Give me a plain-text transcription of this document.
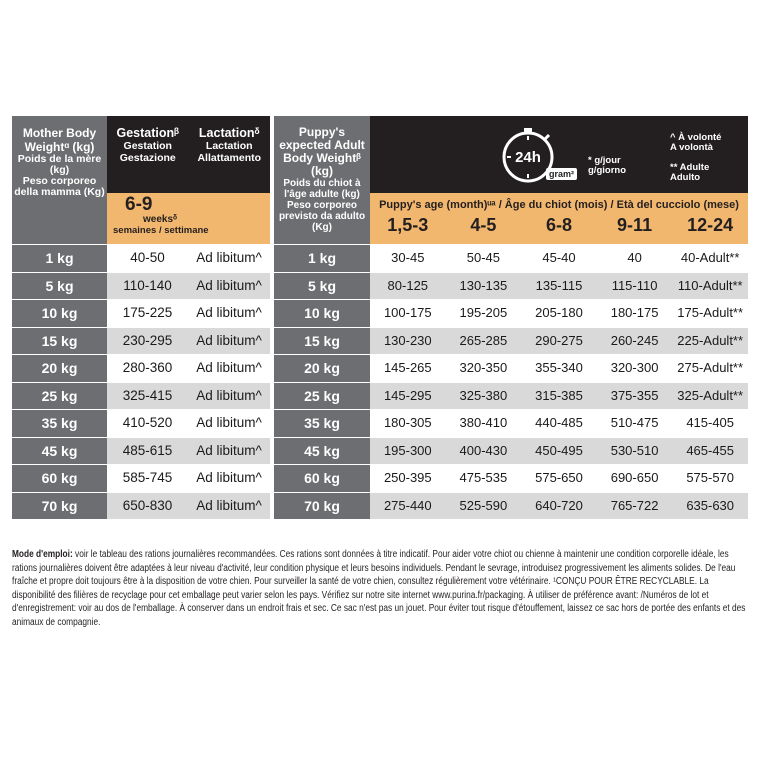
Mother Body Weightᵅ (kg)
Poids de la mère (kg)
Peso corporeo della mamma (Kg)
Gestationᵝ
Gestation
Gestazione
Lactationᵟ
Lactation
Allattamento
6-9
weeksᵟ
semaines / settimane
1 kg	40-50	Ad libitum^
5 kg	110-140	Ad libitum^
10 kg	175-225	Ad libitum^
15 kg	230-295	Ad libitum^
20 kg	280-360	Ad libitum^
25 kg	325-415	Ad libitum^
35 kg	410-520	Ad libitum^
45 kg	485-615	Ad libitum^
60 kg	585-745	Ad libitum^
70 kg	650-830	Ad libitum^
Puppy's expected Adult Body Weightᵝ (kg)
Poids du chiot à l'âge adulte (kg)
Peso corporeo previsto da adulto (Kg)
24h
gram²
* g/jour
g/giorno
^ À volonté
A volontà
** Adulte
Adulto
Puppy's age (month)ᵘᵃ / Âge du chiot (mois) / Età del cucciolo (mese)
1,5-3	4-5	6-8	9-11	12-24
1 kg	30-45	50-45	45-40	40	40-Adult**
5 kg	80-125	130-135	135-115	115-110	110-Adult**
10 kg	100-175	195-205	205-180	180-175	175-Adult**
15 kg	130-230	265-285	290-275	260-245	225-Adult**
20 kg	145-265	320-350	355-340	320-300	275-Adult**
25 kg	145-295	325-380	315-385	375-355	325-Adult**
35 kg	180-305	380-410	440-485	510-475	415-405
45 kg	195-300	400-430	450-495	530-510	465-455
60 kg	250-395	475-535	575-650	690-650	575-570
70 kg	275-440	525-590	640-720	765-722	635-630
Mode d'emploi: voir le tableau des rations journalières recommandées. Ces rations sont données à titre indicatif. Pour aider votre chiot ou chienne à maintenir une condition corporelle idéale, les rations journalières doivent être adaptées à leur niveau d'activité, leur condition physique et leurs besoins individuels. Pendant le sevrage, introduisez progressivement les aliments solides. De l'eau fraîche et propre doit toujours être à la disposition de votre chien. Pour surveiller la santé de votre chien, consultez régulièrement votre vétérinaire. ¹CONÇU POUR ÊTRE RECYCLABLE. La disponibilité des filières de recyclage pour cet emballage peut varier selon les pays. Vérifiez sur notre site internet www.purina.fr/packaging. À utiliser de préférence avant: /Numéros de lot et d'enregistrement: voir au dos de l'emballage. À conserver dans un endroit frais et sec. Ce sac n'est pas un jouet. Pour éviter tout risque d'étouffement, laissez ce sac hors de portée des enfants et des animaux de compagnie.
